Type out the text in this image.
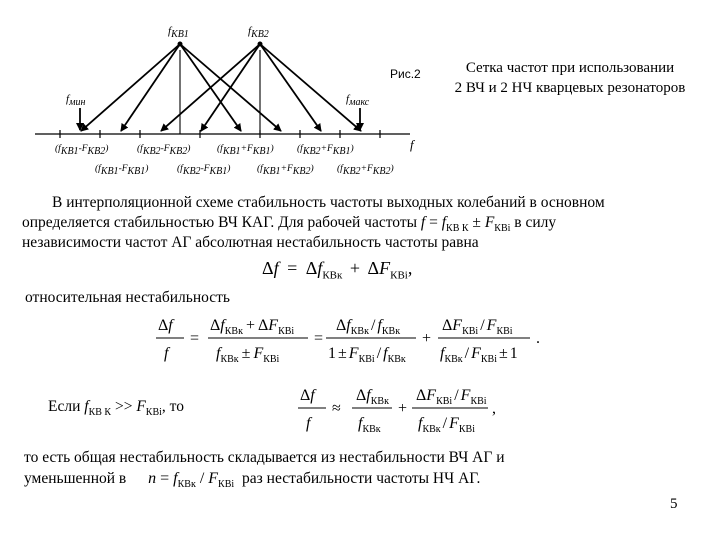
$f_{КВ1}$	$f_{КВ2}$
$f_{мин}$	$f_{макс}$
f
Рис.2
$(f_{КВ1}-F_{КВ2})$	$(f_{КВ2}-F_{КВ2})$	$(f_{КВ1}+F_{КВ1})$ $(f_{КВ2}+F_{КВ1})$
$(f_{КВ1}-F_{КВ1})$	$(f_{КВ2}-F_{КВ1})$	$(f_{КВ1}+F_{КВ2})$ $(f_{КВ2}+F_{КВ2})$
Сетка частот при использовании
2 ВЧ и 2 НЧ кварцевых резонаторов
В интерполяционной схеме стабильность частоты выходных колебаний в основном
определяется стабильностью ВЧ КАГ. Для рабочей частоты $f = f_{КВ К} \pm F_{КВi}$ в силу
независимости частот АГ абсолютная нестабильность частоты равна
$\Delta f = \Delta f_{КВк} + \Delta F_{КВi}$,
относительная нестабильность
Δf
f
=
$\Delta f_{КВк} + \Delta F_{КВi}$
$f_{КВк} \pm F_{КВi}$
=
$\Delta f_{КВк} / f_{КВк}$
$1 \pm F_{КВi} / f_{КВк}$
+
$\Delta F_{КВi} / F_{КВi}$
$f_{КВк} / F_{КВi} \pm 1$
.
Если $f_{КВ К} >> F_{КВi}$, то
Δf
f
≈
$\Delta f_{КВк}$
$f_{КВк}$
+
$\Delta F_{КВi} / F_{КВi}$
$f_{КВк} / F_{КВi}$
,
то есть общая нестабильность складывается из нестабильности ВЧ АГ и
уменьшенной в $n = f_{КВк} / F_{КВi}$ раз нестабильности частоты НЧ АГ.
5
